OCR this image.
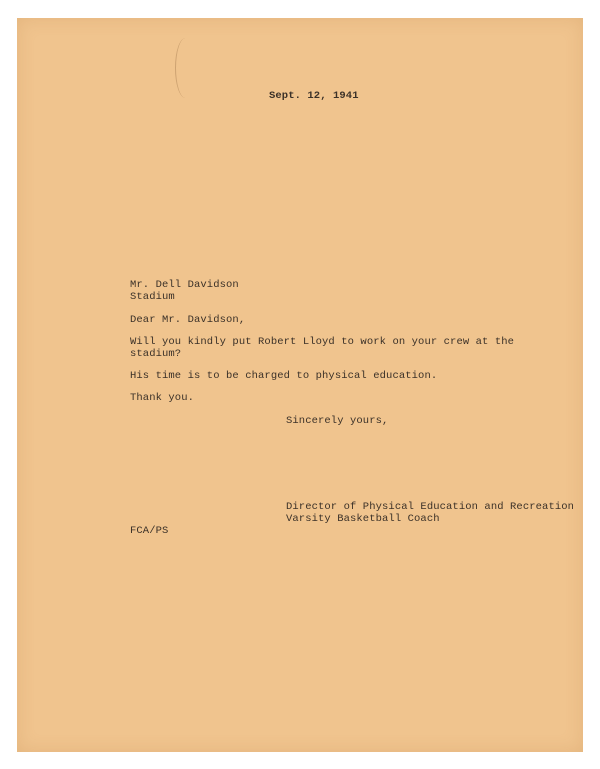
Sept. 12, 1941
Mr. Dell Davidson
Stadium
Dear Mr. Davidson,
Will you kindly put Robert Lloyd to work on your crew at the
stadium?
His time is to be charged to physical education.
Thank you.
Sincerely yours,
Director of Physical Education and Recreation
Varsity Basketball Coach
FCA/PS
